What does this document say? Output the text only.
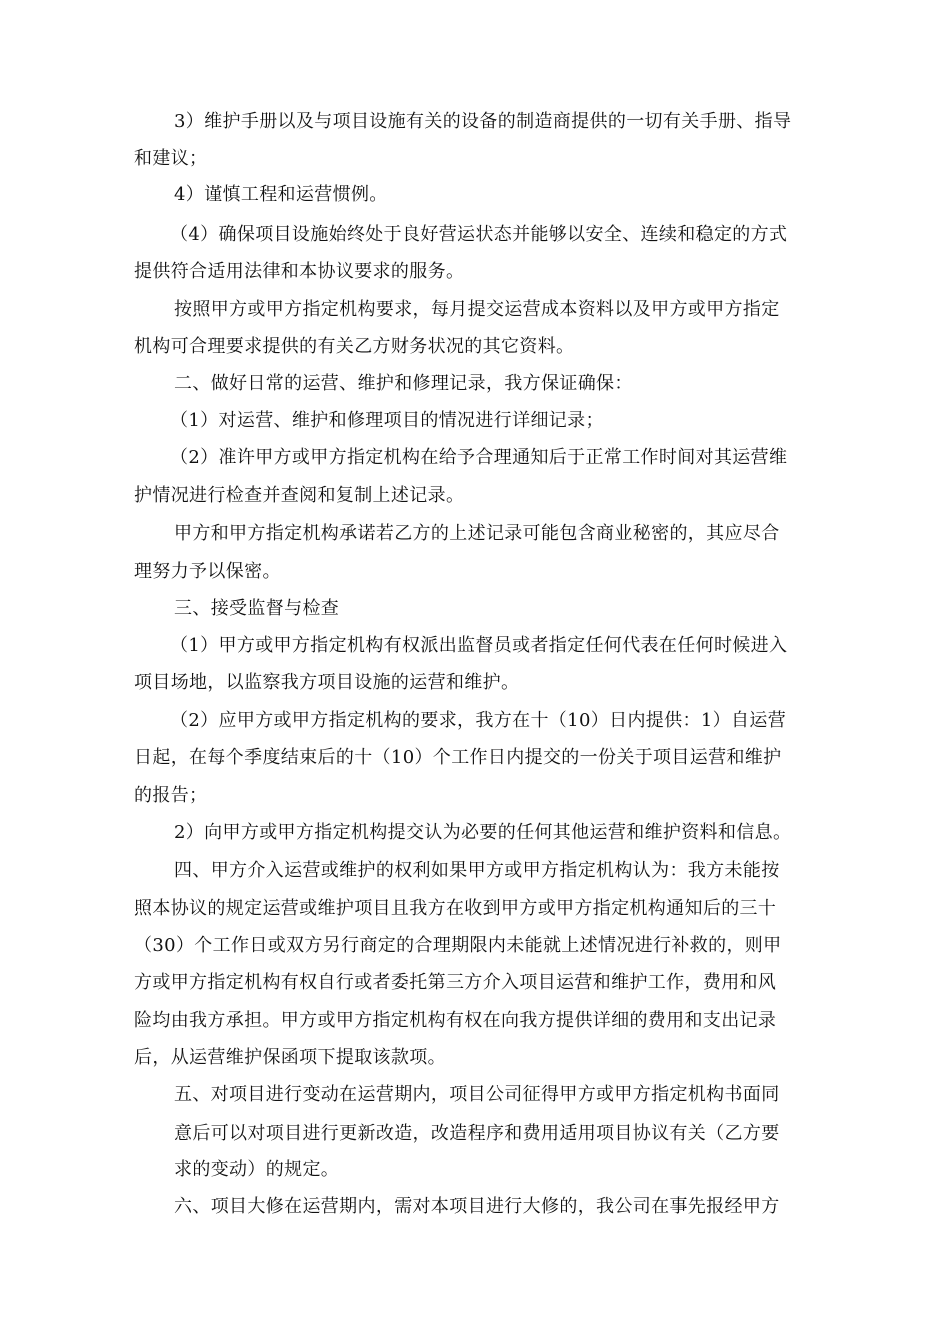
3）维护手册以及与项目设施有关的设备的制造商提供的一切有关手册、指导
和建议；
4）谨慎工程和运营惯例。
（4）确保项目设施始终处于良好营运状态并能够以安全、连续和稳定的方式
提供符合适用法律和本协议要求的服务。
按照甲方或甲方指定机构要求，每月提交运营成本资料以及甲方或甲方指定
机构可合理要求提供的有关乙方财务状况的其它资料。
二、做好日常的运营、维护和修理记录，我方保证确保：
（1）对运营、维护和修理项目的情况进行详细记录；
（2）准许甲方或甲方指定机构在给予合理通知后于正常工作时间对其运营维
护情况进行检查并查阅和复制上述记录。
甲方和甲方指定机构承诺若乙方的上述记录可能包含商业秘密的，其应尽合
理努力予以保密。
三、接受监督与检查
（1）甲方或甲方指定机构有权派出监督员或者指定任何代表在任何时候进入
项目场地，以监察我方项目设施的运营和维护。
（2）应甲方或甲方指定机构的要求，我方在十（10）日内提供：1）自运营
日起，在每个季度结束后的十（10）个工作日内提交的一份关于项目运营和维护
的报告；
2）向甲方或甲方指定机构提交认为必要的任何其他运营和维护资料和信息。
四、甲方介入运营或维护的权利如果甲方或甲方指定机构认为：我方未能按
照本协议的规定运营或维护项目且我方在收到甲方或甲方指定机构通知后的三十
（30）个工作日或双方另行商定的合理期限内未能就上述情况进行补救的，则甲
方或甲方指定机构有权自行或者委托第三方介入项目运营和维护工作，费用和风
险均由我方承担。甲方或甲方指定机构有权在向我方提供详细的费用和支出记录
后，从运营维护保函项下提取该款项。
五、对项目进行变动在运营期内，项目公司征得甲方或甲方指定机构书面同
意后可以对项目进行更新改造，改造程序和费用适用项目协议有关（乙方要
求的变动）的规定。
六、项目大修在运营期内，需对本项目进行大修的，我公司在事先报经甲方
